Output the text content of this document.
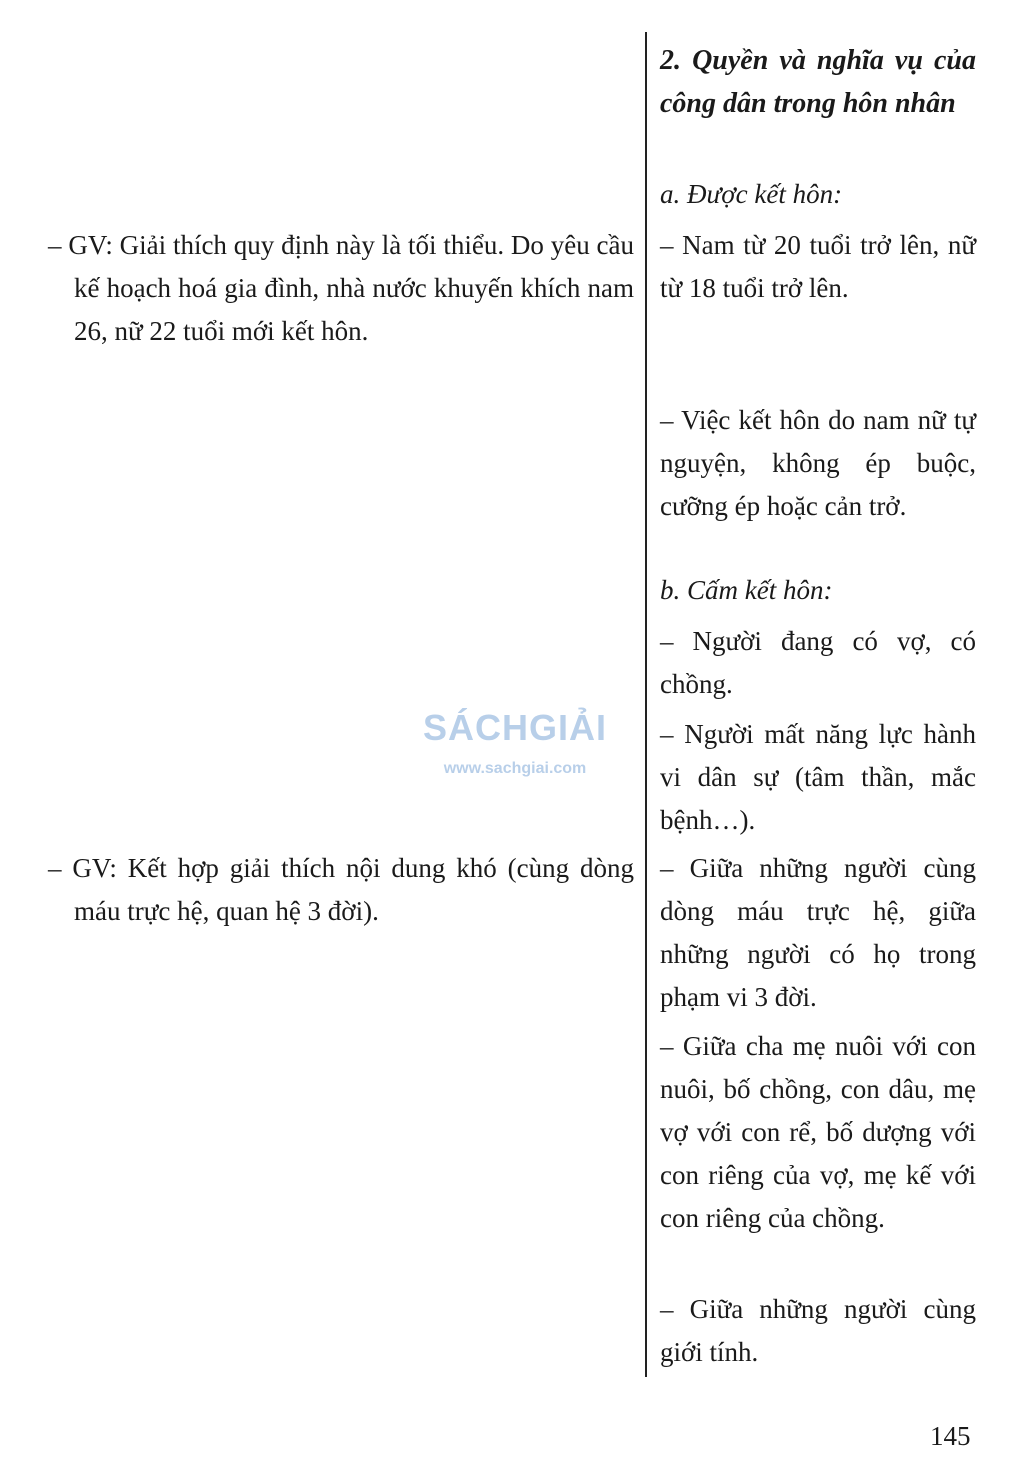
– GV: Giải thích quy định này là tối thiểu. Do yêu cầu kế hoạch hoá gia đình, nhà nước khuyến khích nam 26, nữ 22 tuổi mới kết hôn.

– GV: Kết hợp giải thích nội dung khó (cùng dòng máu trực hệ, quan hệ 3 đời).

2. Quyền và nghĩa vụ của công dân trong hôn nhân

a. Được kết hôn:

– Nam từ 20 tuổi trở lên, nữ từ 18 tuổi trở lên.

– Việc kết hôn do nam nữ tự nguyện, không ép buộc, cưỡng ép hoặc cản trở.

b. Cấm kết hôn:

– Người đang có vợ, có chồng.

– Người mất năng lực hành vi dân sự (tâm thần, mắc bệnh…).

– Giữa những người cùng dòng máu trực hệ, giữa những người có họ trong phạm vi 3 đời.

– Giữa cha mẹ nuôi với con nuôi, bố chồng, con dâu, mẹ vợ với con rể, bố dượng với con riêng của vợ, mẹ kế với con riêng của chồng.

– Giữa những người cùng giới tính.

SÁCHGIẢI
www.sachgiai.com
145
